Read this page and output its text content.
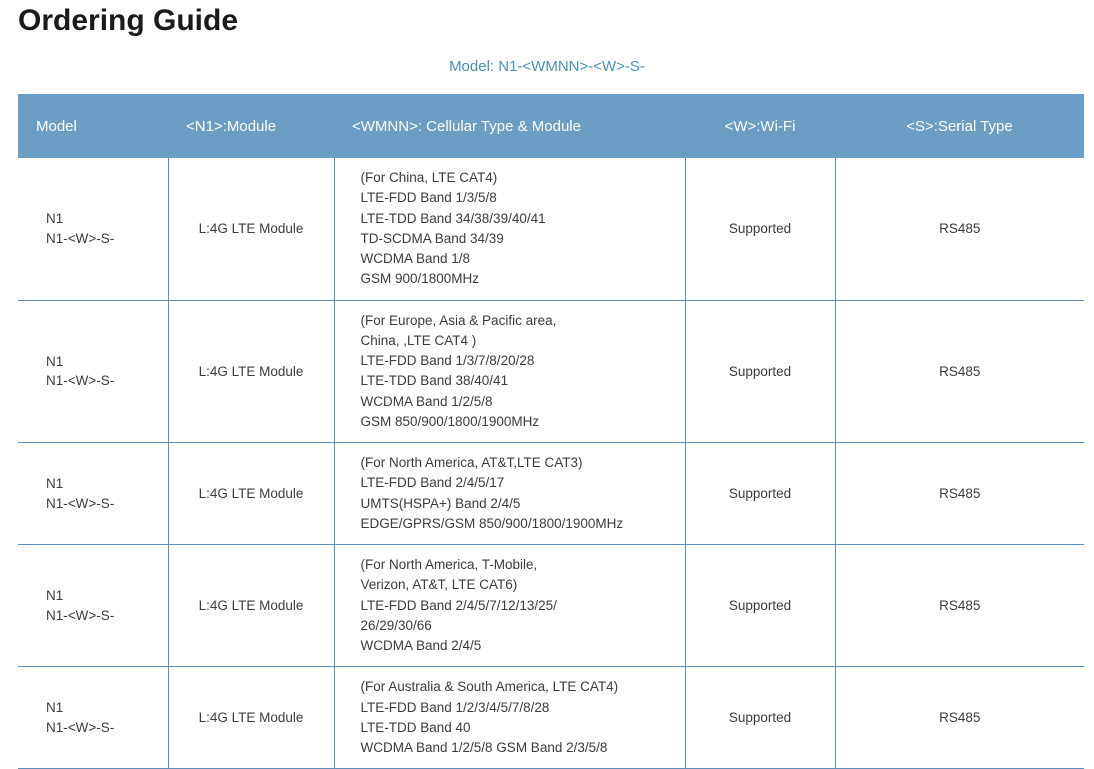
Ordering Guide
Model: N1-<WMNN>-<W>-S-
Model	<N1>:Module	<WMNN>: Cellular Type & Module	<W>:Wi-Fi	<S>:Serial Type
N1
N1-<W>-S-
	L:4G LTE Module	
(For China, LTE CAT4)
LTE-FDD Band 1/3/5/8
LTE-TDD Band 34/38/39/40/41
TD-SCDMA Band 34/39
WCDMA Band 1/8
GSM 900/1800MHz
	Supported	RS485
N1
N1-<W>-S-
	L:4G LTE Module	
(For Europe, Asia & Pacific area,
China, ,LTE CAT4 )
LTE-FDD Band 1/3/7/8/20/28
LTE-TDD Band 38/40/41
WCDMA Band 1/2/5/8
GSM 850/900/1800/1900MHz
	Supported	RS485
N1
N1-<W>-S-	L:4G LTE Module	(For North America, AT&T,LTE CAT3)
LTE-FDD Band 2/4/5/17
UMTS(HSPA+) Band 2/4/5
EDGE/GPRS/GSM 850/900/1800/1900MHz	Supported	RS485
N1
N1-<W>-S-	L:4G LTE Module	(For North America, T-Mobile,
Verizon, AT&T, LTE CAT6)
LTE-FDD Band 2/4/5/7/12/13/25/
26/29/30/66
WCDMA Band 2/4/5	Supported	RS485
N1
N1-<W>-S-	L:4G LTE Module	(For Australia & South America, LTE CAT4)
LTE-FDD Band 1/2/3/4/5/7/8/28
LTE-TDD Band 40
WCDMA Band 1/2/5/8 GSM Band 2/3/5/8	Supported	RS485
